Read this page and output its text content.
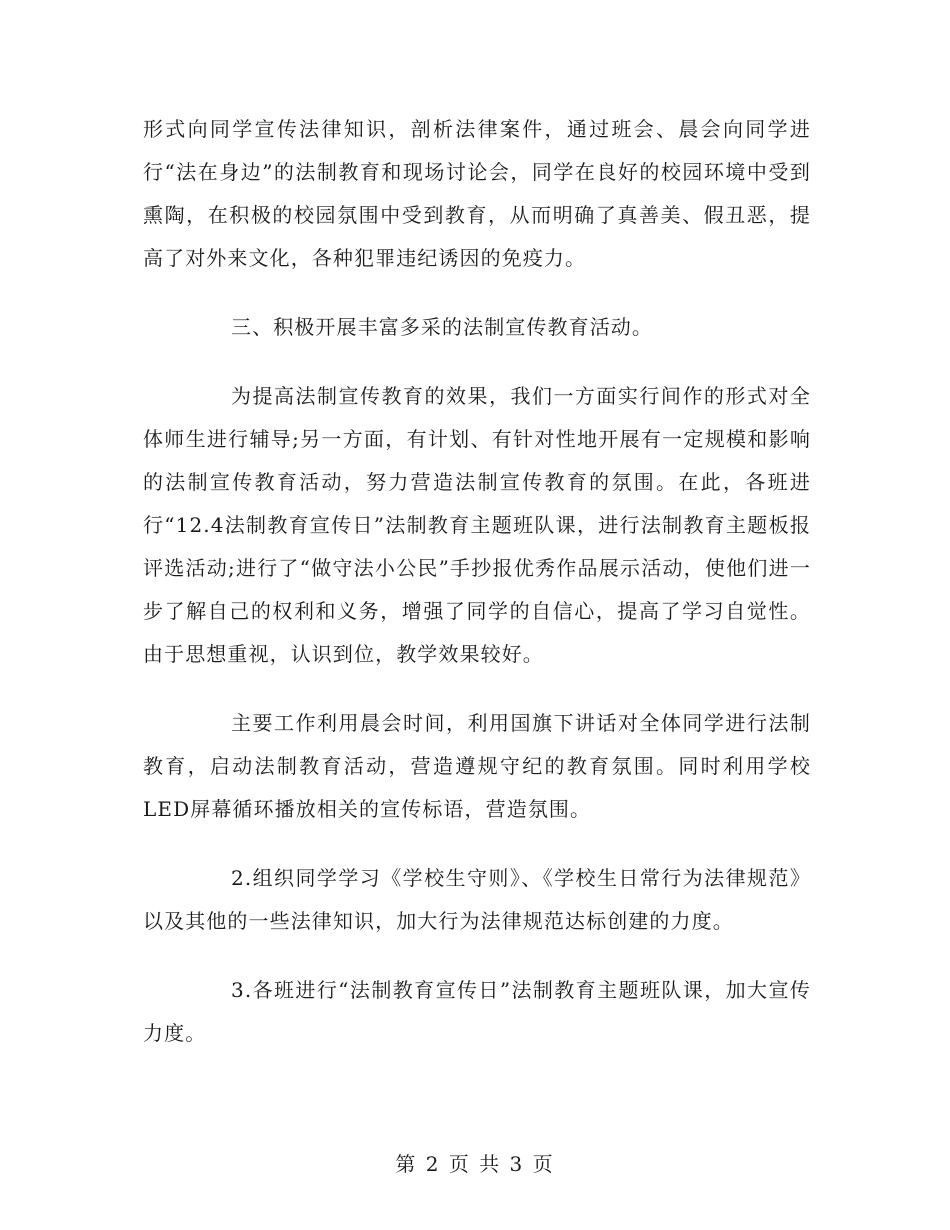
形式向同学宣传法律知识，剖析法律案件，通过班会、晨会向同学进行“法在身边”的法制教育和现场讨论会，同学在良好的校园环境中受到熏陶，在积极的校园氛围中受到教育，从而明确了真善美、假丑恶，提高了对外来文化，各种犯罪违纪诱因的免疫力。

三、积极开展丰富多采的法制宣传教育活动。

为提高法制宣传教育的效果，我们一方面实行间作的形式对全体师生进行辅导;另一方面，有计划、有针对性地开展有一定规模和影响的法制宣传教育活动，努力营造法制宣传教育的氛围。在此，各班进行“12.4法制教育宣传日”法制教育主题班队课，进行法制教育主题板报评选活动;进行了“做守法小公民”手抄报优秀作品展示活动，使他们进一步了解自己的权利和义务，增强了同学的自信心，提高了学习自觉性。由于思想重视，认识到位，教学效果较好。

主要工作利用晨会时间，利用国旗下讲话对全体同学进行法制教育，启动法制教育活动，营造遵规守纪的教育氛围。同时利用学校LED屏幕循环播放相关的宣传标语，营造氛围。

2.组织同学学习《学校生守则》、《学校生日常行为法律规范》以及其他的一些法律知识，加大行为法律规范达标创建的力度。

3.各班进行“法制教育宣传日”法制教育主题班队课，加大宣传力度。

第 2 页 共 3 页
